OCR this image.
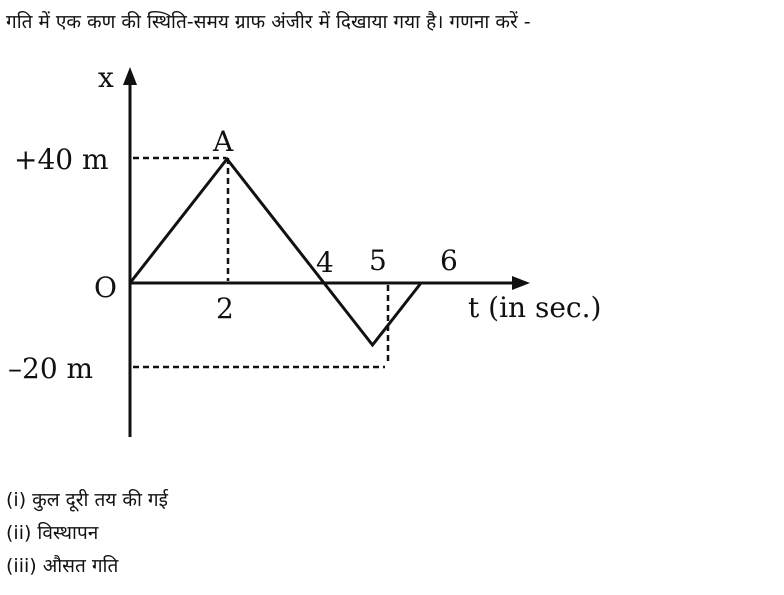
गति में एक कण की स्थिति-समय ग्राफ अंजीर में दिखाया गया है। गणना करें -
x
O
A
+40 m
–20 m
2
4 5 6
t (in sec.)
(i) कुल दूरी तय की गई
(ii) विस्थापन
(iii) औसत गति
